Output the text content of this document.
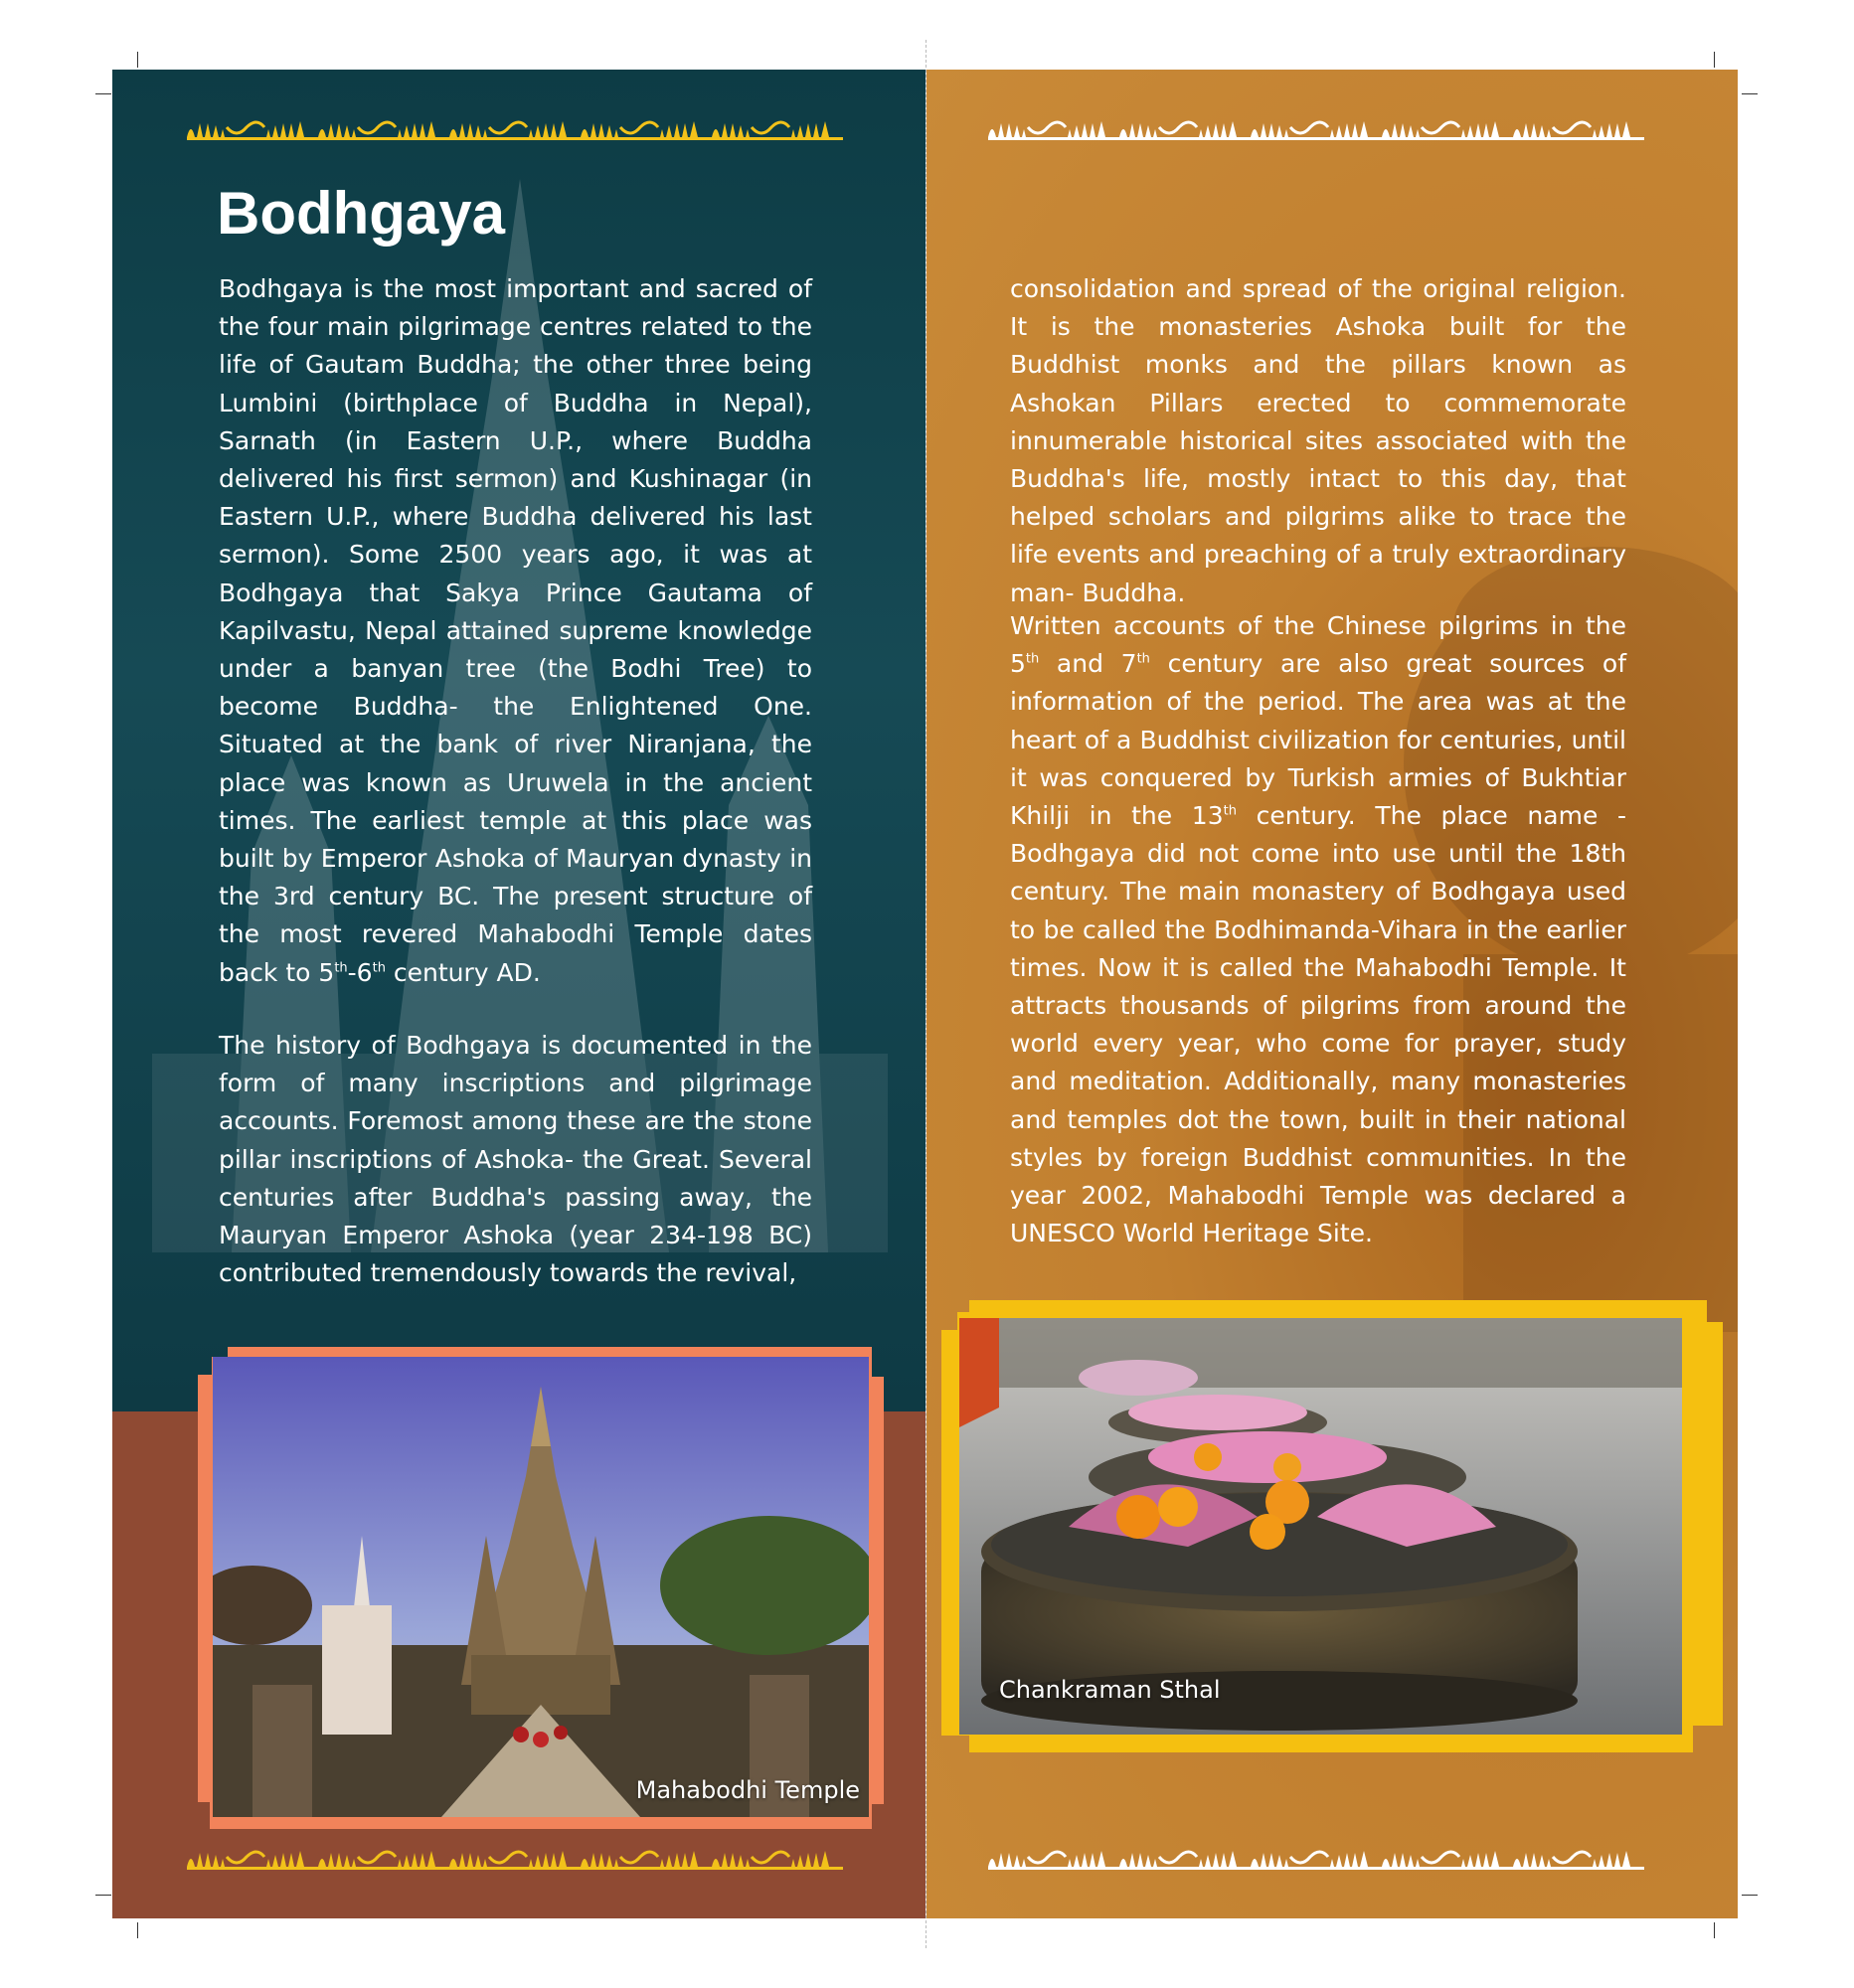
Bodhgaya

Bodhgaya is the most important and sacred of the four main pilgrimage centres related to the life of Gautam Buddha; the other three being Lumbini (birthplace of Buddha in Nepal), Sarnath (in Eastern U.P., where Buddha delivered his first sermon) and Kushinagar (in Eastern U.P., where Buddha delivered his last sermon). Some 2500 years ago, it was at Bodhgaya that Sakya Prince Gautama of Kapilvastu, Nepal attained supreme knowledge under a banyan tree (the Bodhi Tree) to become Buddha- the Enlightened One. Situated at the bank of river Niranjana, the place was known as Uruwela in the ancient times. The earliest temple at this place was built by Emperor Ashoka of Mauryan dynasty in the 3rd century BC. The present structure of the most revered Mahabodhi Temple dates back to 5th-6th century AD.

The history of Bodhgaya is documented in the form of many inscriptions and pilgrimage accounts. Foremost among these are the stone pillar inscriptions of Ashoka- the Great. Several centuries after Buddha's passing away, the Mauryan Emperor Ashoka (year 234-198 BC) contributed tremendously towards the revival,

Mahabodhi Temple

consolidation and spread of the original religion. It is the monasteries Ashoka built for the Buddhist monks and the pillars known as Ashokan Pillars erected to commemorate innumerable historical sites associated with the Buddha's life, mostly intact to this day, that helped scholars and pilgrims alike to trace the life events and preaching of a truly extraordinary man- Buddha.

Written accounts of the Chinese pilgrims in the 5th and 7th century are also great sources of information of the period. The area was at the heart of a Buddhist civilization for centuries, until it was conquered by Turkish armies of Bukhtiar Khilji in the 13th century. The place name - Bodhgaya did not come into use until the 18th century. The main monastery of Bodhgaya used to be called the Bodhimanda-Vihara in the earlier times. Now it is called the Mahabodhi Temple. It attracts thousands of pilgrims from around the world every year, who come for prayer, study and meditation. Additionally, many monasteries and temples dot the town, built in their national styles by foreign Buddhist communities. In the year 2002, Mahabodhi Temple was declared a UNESCO World Heritage Site.

Chankraman Sthal
